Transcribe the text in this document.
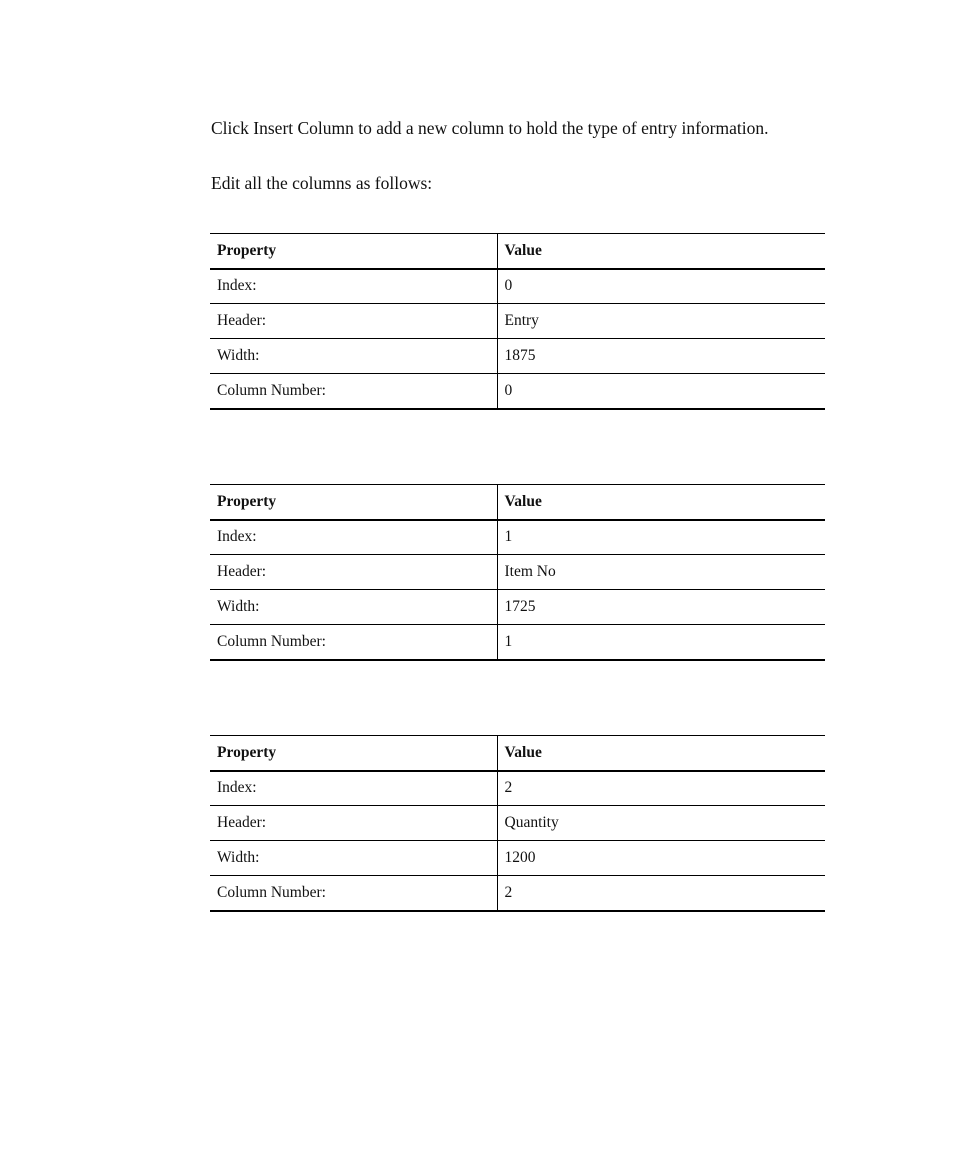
Click Insert Column to add a new column to hold the type of entry information.

Edit all the columns as follows:

Property	Value
Index:	0
Header:	Entry
Width:	1875
Column Number:	0
Property	Value
Index:	1
Header:	Item No
Width:	1725
Column Number:	1
Property	Value
Index:	2
Header:	Quantity
Width:	1200
Column Number:	2
